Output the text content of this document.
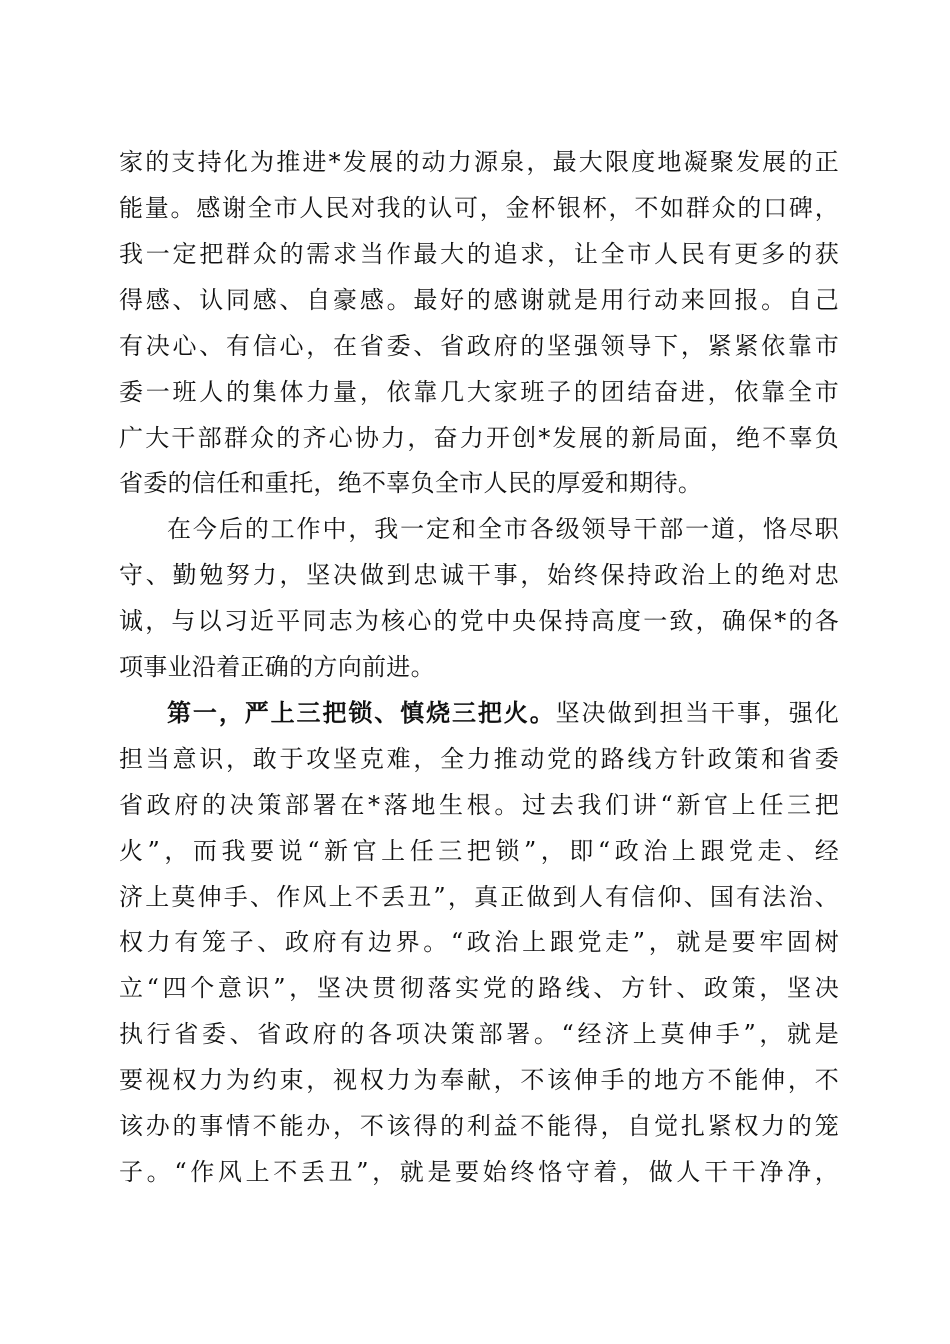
家的支持化为推进*发展的动力源泉，最大限度地凝聚发展的正
能量。感谢全市人民对我的认可，金杯银杯，不如群众的口碑，
我一定把群众的需求当作最大的追求，让全市人民有更多的获
得感、认同感、自豪感。最好的感谢就是用行动来回报。自己
有决心、有信心，在省委、省政府的坚强领导下，紧紧依靠市
委一班人的集体力量，依靠几大家班子的团结奋进，依靠全市
广大干部群众的齐心协力，奋力开创*发展的新局面，绝不辜负
省委的信任和重托，绝不辜负全市人民的厚爱和期待。
在今后的工作中，我一定和全市各级领导干部一道，恪尽职
守、勤勉努力，坚决做到忠诚干事，始终保持政治上的绝对忠
诚，与以习近平同志为核心的党中央保持高度一致，确保*的各
项事业沿着正确的方向前进。
第一，严上三把锁、慎烧三把火。坚决做到担当干事，强化
担当意识，敢于攻坚克难，全力推动党的路线方针政策和省委
省政府的决策部署在*落地生根。过去我们讲“新官上任三把
火”，而我要说“新官上任三把锁”，即“政治上跟党走、经
济上莫伸手、作风上不丢丑”，真正做到人有信仰、国有法治、
权力有笼子、政府有边界。“政治上跟党走”，就是要牢固树
立“四个意识”，坚决贯彻落实党的路线、方针、政策，坚决
执行省委、省政府的各项决策部署。“经济上莫伸手”，就是
要视权力为约束，视权力为奉献，不该伸手的地方不能伸，不
该办的事情不能办，不该得的利益不能得，自觉扎紧权力的笼
子。“作风上不丢丑”，就是要始终恪守着，做人干干净净，
